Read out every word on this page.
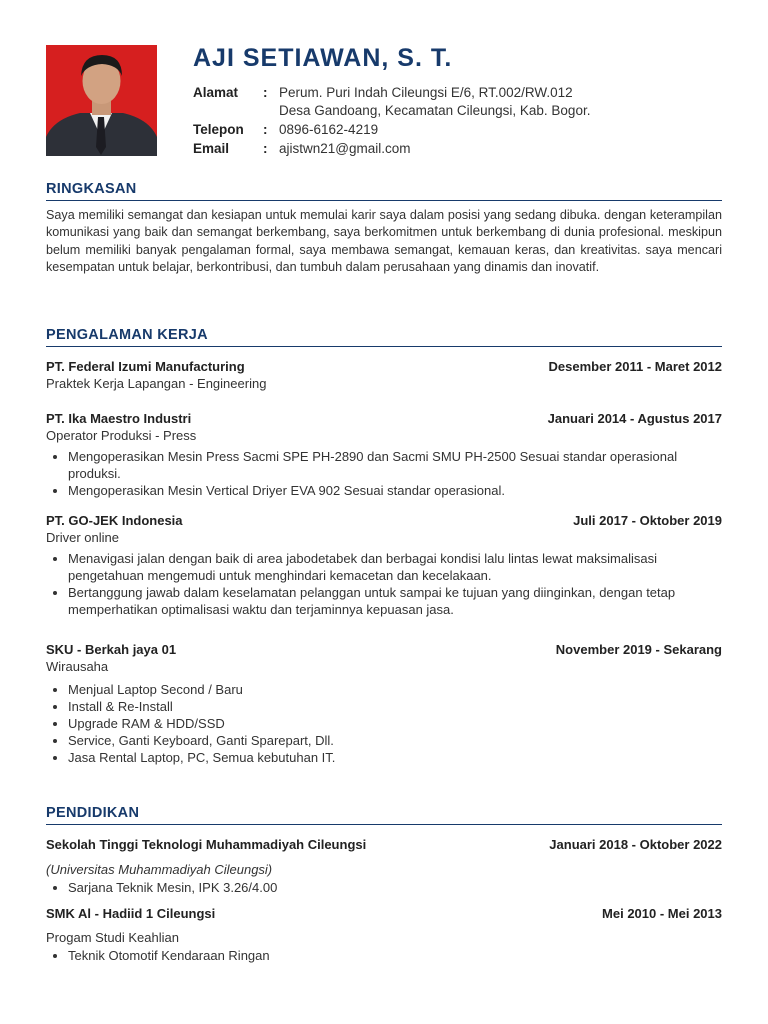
AJI SETIAWAN, S. T.
Alamat	: Perum. Puri Indah Cileungsi E/6, RT.002/RW.012
Desa Gandoang, Kecamatan Cileungsi, Kab. Bogor.
Telepon	: 0896-6162-4219
Email	: ajistwn21@gmail.com
RINGKASAN

Saya memiliki semangat dan kesiapan untuk memulai karir saya dalam posisi yang sedang dibuka. dengan keterampilan komunikasi yang baik dan semangat berkembang, saya berkomitmen untuk berkembang di dunia profesional. meskipun belum memiliki banyak pengalaman formal, saya membawa semangat, kemauan keras, dan kreativitas. saya mencari kesempatan untuk belajar, berkontribusi, dan tumbuh dalam perusahaan yang dinamis dan inovatif.

PENGALAMAN KERJA
PT. Federal Izumi Manufacturing	Desember 2011 - Maret 2012
Praktek Kerja Lapangan - Engineering
PT. Ika Maestro Industri	Januari 2014 - Agustus 2017
Operator Produksi - Press
• Mengoperasikan Mesin Press Sacmi SPE PH-2890 dan Sacmi SMU PH-2500 Sesuai standar operasional produksi.
• Mengoperasikan Mesin Vertical Driyer EVA 902 Sesuai standar operasional.
PT. GO-JEK Indonesia	Juli 2017 - Oktober 2019
Driver online
• Menavigasi jalan dengan baik di area jabodetabek dan berbagai kondisi lalu lintas lewat maksimalisasi pengetahuan mengemudi untuk menghindari kemacetan dan kecelakaan.
• Bertanggung jawab dalam keselamatan pelanggan untuk sampai ke tujuan yang diinginkan, dengan tetap memperhatikan optimalisasi waktu dan terjaminnya kepuasan jasa.
SKU - Berkah jaya 01	November 2019 - Sekarang
Wirausaha
• Menjual Laptop Second / Baru
• Install & Re-Install
• Upgrade RAM & HDD/SSD
• Service, Ganti Keyboard, Ganti Sparepart, Dll.
• Jasa Rental Laptop, PC, Semua kebutuhan IT.
PENDIDIKAN
Sekolah Tinggi Teknologi Muhammadiyah Cileungsi	Januari 2018 - Oktober 2022
(Universitas Muhammadiyah Cileungsi)
• Sarjana Teknik Mesin, IPK 3.26/4.00
SMK Al - Hadiid 1 Cileungsi	Mei 2010 - Mei 2013
Progam Studi Keahlian
• Teknik Otomotif Kendaraan Ringan
